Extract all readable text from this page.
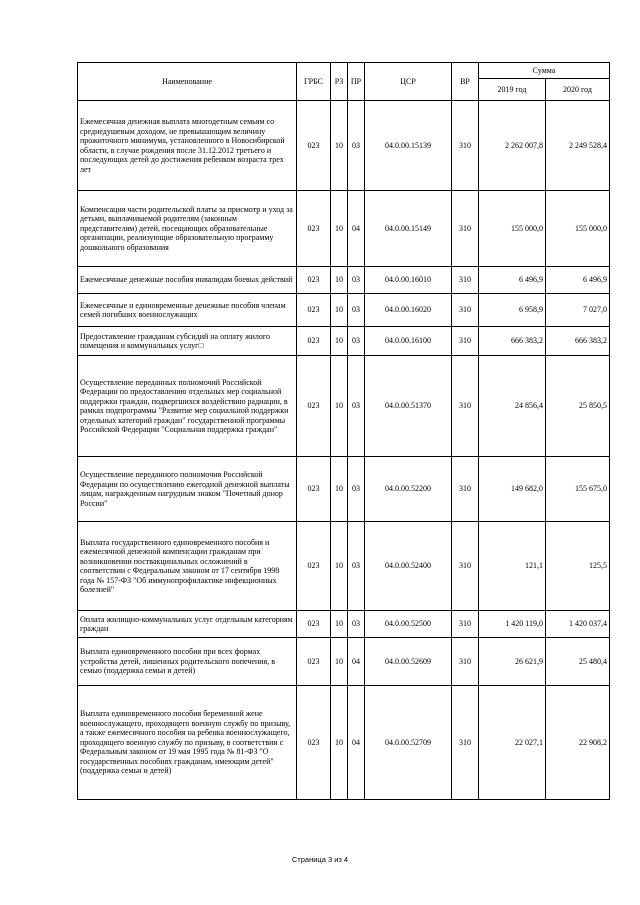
Наименование	ГРБС	РЗ	ПР	ЦСР	ВР	Сумма	
						2019 год	2020 год
Ежемесячная денежная выплата многодетным семьям со среднедушевым доходом, не превышающим величину прожиточного минимума, установленного в Новосибирской области, в случае рождения после 31.12.2012 третьего и последующих детей до достижения ребенком возраста трех лет	023	10	03	04.0.00.15139	310	2 262 007,8	2 249 528,4
Компенсация части родительской платы за присмотр и уход за детьми, выплачиваемой родителям (законным представителям) детей, посещающих образовательные организации, реализующие образовательную программу дошкольного образования	023	10	04	04.0.00.15149	310	155 000,0	155 000,0
Ежемесячные денежные пособия инвалидам боевых действий	023	10	03	04.0.00.16010	310	6 496,9	6 496,9
Ежемесячные и единовременные денежные пособия членам семей погибших военнослужащих	023	10	03	04.0.00.16020	310	6 958,9	7 027,0
Предоставление гражданам субсидий на оплату жилого помещения и коммунальных услуг□	023	10	03	04.0.00.16100	310	666 383,2	666 383,2
Осуществление переданных полномочий Российской Федерации по предоставлению отдельных мер социальной поддержки граждан, подвергшихся воздействию радиации, в рамках подпрограммы "Развитие мер социальной поддержки отдельных категорий граждан" государственной программы Российской Федерации "Социальная поддержка граждан"	023	10	03	04.0.00.51370	310	24 856,4	25 850,5
Осуществление переданного полномочия Российской Федерации по осуществлению ежегодной денежной выплаты лицам, награжденным нагрудным знаком "Почетный донор России"	023	10	03	04.0.00.52200	310	149 682,0	155 675,0
Выплата государственного единовременного пособия и ежемесячной денежной компенсации гражданам при возникновении поствакцинальных осложнений в соответствии с Федеральным законом от 17 сентября 1998 года № 157-ФЗ "Об иммунопрофилактике инфекционных болезней"	023	10	03	04.0.00.52400	310	121,1	125,5
Оплата жилищно-коммунальных услуг отдельным категориям граждан	023	10	03	04.0.00.52500	310	1 420 119,0	1 420 037,4
Выплата единовременного пособия при всех формах устройства детей, лишенных родительского попечения, в семью (поддержка семьи и детей)	023	10	04	04.0.00.52609	310	26 621,9	25 480,4
Выплата единовременного пособия беременной жене военнослужащего, проходящего военную службу по призыву, а также ежемесячного пособия на ребенка военнослужащего, проходящего военную службу по призыву, в соответствии с Федеральным законом от 19 мая 1995 года № 81-ФЗ "О государственных пособиях гражданам, имеющим детей" (поддержка семьи и детей)	023	10	04	04.0.00.52709	310	22 027,1	22 908,2
Страница 3 из 4
